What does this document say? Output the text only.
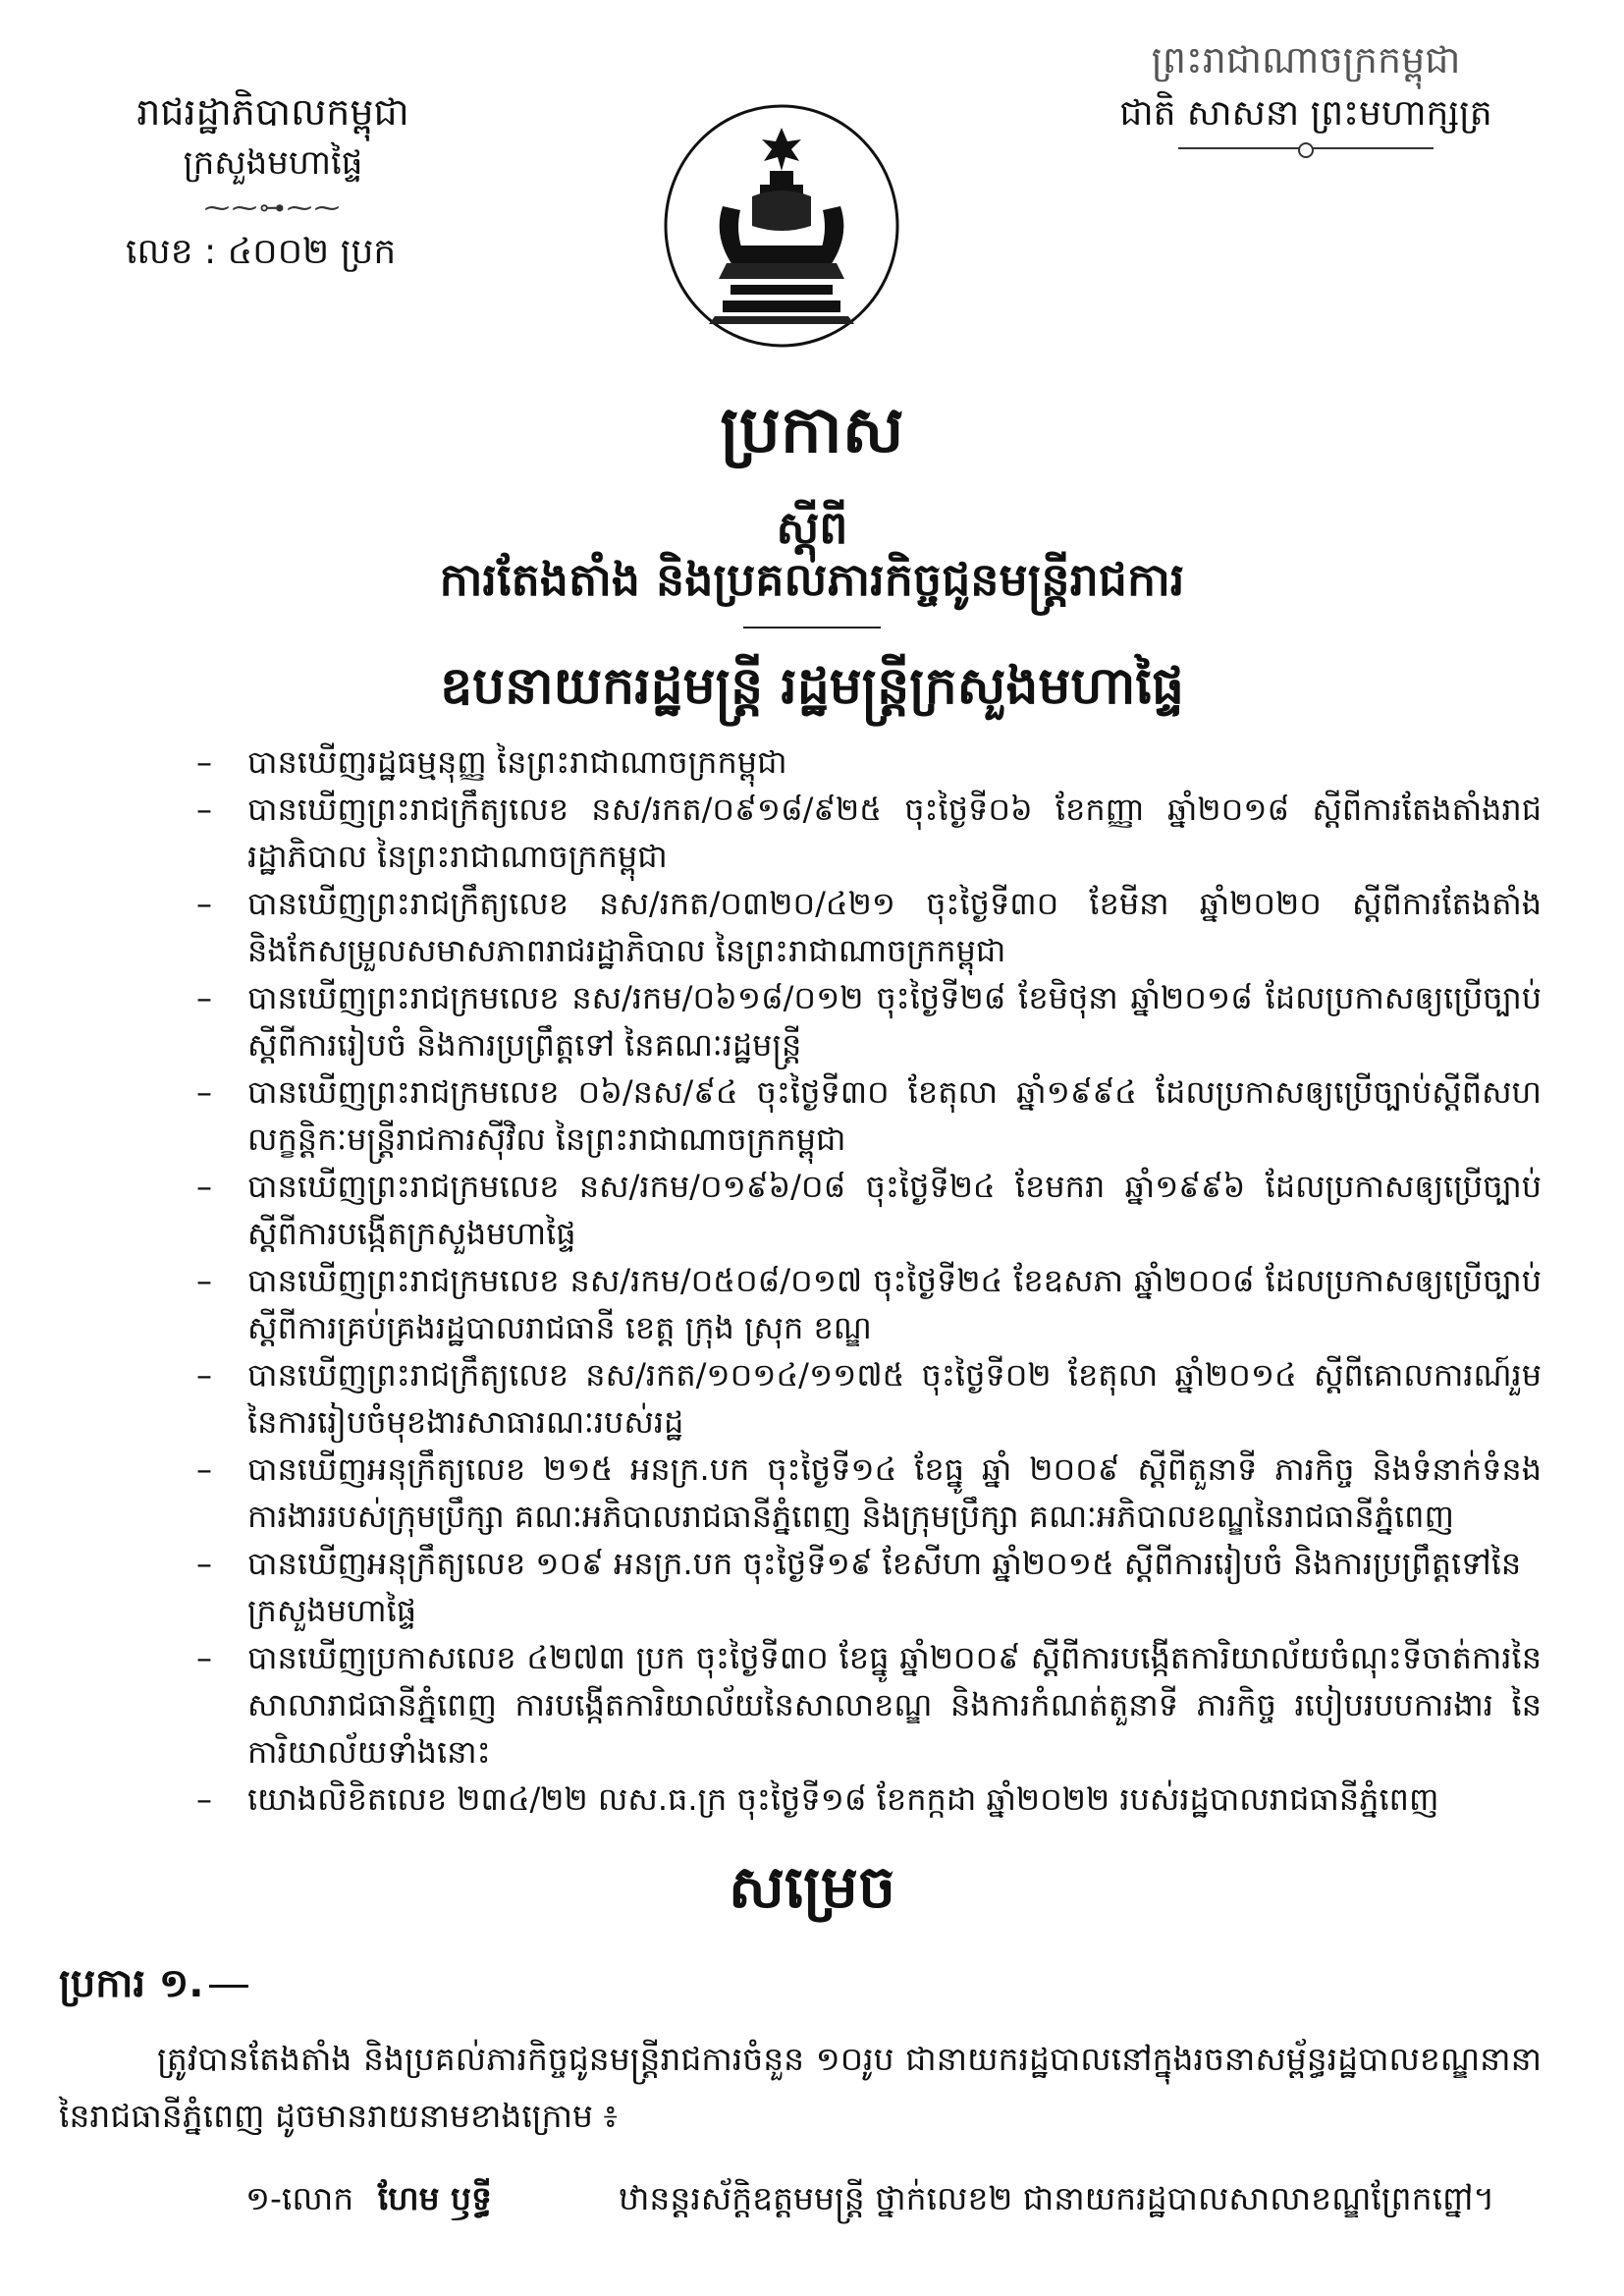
រាជរដ្ឋាភិបាលកម្ពុជា
ក្រសួងមហាផ្ទៃ
⁓⁓⊶⁓⁓
លេខ : ៤០០២ ប្រក
ព្រះរាជាណាចក្រកម្ពុជា
ជាតិ សាសនា ព្រះមហាក្សត្រ
ប្រកាស
ស្តីពី
ការតែងតាំង និងប្រគល់ភារកិច្ចជូនមន្ត្រីរាជការ
ឧបនាយករដ្ឋមន្ត្រី រដ្ឋមន្ត្រីក្រសួងមហាផ្ទៃ
–	បានឃើញរដ្ឋធម្មនុញ្ញ នៃព្រះរាជាណាចក្រកម្ពុជា
–	បានឃើញព្រះរាជក្រឹត្យលេខ នស/រកត/០៩១៨/៩២៥ ចុះថ្ងៃទី០៦ ខែកញ្ញា ឆ្នាំ២០១៨ ស្តីពីការតែងតាំងរាជរដ្ឋាភិបាល នៃព្រះរាជាណាចក្រកម្ពុជា
–	បានឃើញព្រះរាជក្រឹត្យលេខ នស/រកត/០៣២០/៤២១ ចុះថ្ងៃទី៣០ ខែមីនា ឆ្នាំ២០២០ ស្តីពីការតែងតាំង និងកែសម្រួលសមាសភាពរាជរដ្ឋាភិបាល នៃព្រះរាជាណាចក្រកម្ពុជា
–	បានឃើញព្រះរាជក្រមលេខ នស/រកម/០៦១៨/០១២ ចុះថ្ងៃទី២៨ ខែមិថុនា ឆ្នាំ២០១៨ ដែលប្រកាសឲ្យប្រើច្បាប់ស្តីពីការរៀបចំ និងការប្រព្រឹត្តទៅ នៃគណៈរដ្ឋមន្ត្រី
–	បានឃើញព្រះរាជក្រមលេខ ០៦/នស/៩៤ ចុះថ្ងៃទី៣០ ខែតុលា ឆ្នាំ១៩៩៤ ដែលប្រកាសឲ្យប្រើច្បាប់ស្តីពីសហលក្ខន្តិកៈមន្ត្រីរាជការស៊ីវិល នៃព្រះរាជាណាចក្រកម្ពុជា
–	បានឃើញព្រះរាជក្រមលេខ នស/រកម/០១៩៦/០៨ ចុះថ្ងៃទី២៤ ខែមករា ឆ្នាំ១៩៩៦ ដែលប្រកាសឲ្យប្រើច្បាប់ស្តីពីការបង្កើតក្រសួងមហាផ្ទៃ
–	បានឃើញព្រះរាជក្រមលេខ នស/រកម/០៥០៨/០១៧ ចុះថ្ងៃទី២៤ ខែឧសភា ឆ្នាំ២០០៨ ដែលប្រកាសឲ្យប្រើច្បាប់ស្តីពីការគ្រប់គ្រងរដ្ឋបាលរាជធានី ខេត្ត ក្រុង ស្រុក ខណ្ឌ
–	បានឃើញព្រះរាជក្រឹត្យលេខ នស/រកត/១០១៤/១១៧៥ ចុះថ្ងៃទី០២ ខែតុលា ឆ្នាំ២០១៤ ស្តីពីគោលការណ៍រួម នៃការរៀបចំមុខងារសាធារណៈរបស់រដ្ឋ
–	បានឃើញអនុក្រឹត្យលេខ ២១៥ អនក្រ.បក ចុះថ្ងៃទី១៤ ខែធ្នូ ឆ្នាំ ២០០៩ ស្តីពីតួនាទី ភារកិច្ច និងទំនាក់ទំនងការងាររបស់ក្រុមប្រឹក្សា គណៈអភិបាលរាជធានីភ្នំពេញ និងក្រុមប្រឹក្សា គណៈអភិបាលខណ្ឌនៃរាជធានីភ្នំពេញ
–	បានឃើញអនុក្រឹត្យលេខ ១០៩ អនក្រ.បក ចុះថ្ងៃទី១៩ ខែសីហា ឆ្នាំ២០១៥ ស្តីពីការរៀបចំ និងការប្រព្រឹត្តទៅនៃក្រសួងមហាផ្ទៃ
–	បានឃើញប្រកាសលេខ ៤២៧៣ ប្រក ចុះថ្ងៃទី៣០ ខែធ្នូ ឆ្នាំ២០០៩ ស្តីពីការបង្កើតការិយាល័យចំណុះទីចាត់ការនៃសាលារាជធានីភ្នំពេញ ការបង្កើតការិយាល័យនៃសាលាខណ្ឌ និងការកំណត់តួនាទី ភារកិច្ច របៀបរបបការងារ នៃការិយាល័យទាំងនោះ
–	យោងលិខិតលេខ ២៣៤/២២ លស.ធ.ក្រ ចុះថ្ងៃទី១៨ ខែកក្កដា ឆ្នាំ២០២២ របស់រដ្ឋបាលរាជធានីភ្នំពេញ
សម្រេច
ប្រការ ១.
ត្រូវបានតែងតាំង និងប្រគល់ភារកិច្ចជូនមន្ត្រីរាជការចំនួន ១០រូប ជានាយករដ្ឋបាលនៅក្នុងរចនាសម្ព័ន្ធរដ្ឋបាលខណ្ឌនានា នៃរាជធានីភ្នំពេញ ដូចមានរាយនាមខាងក្រោម ៖
១-លោក ហែម ឫទ្ធី	ឋានន្តរស័ក្តិឧត្តមមន្ត្រី ថ្នាក់លេខ២ ជានាយករដ្ឋបាលសាលាខណ្ឌព្រែកព្នៅ។
